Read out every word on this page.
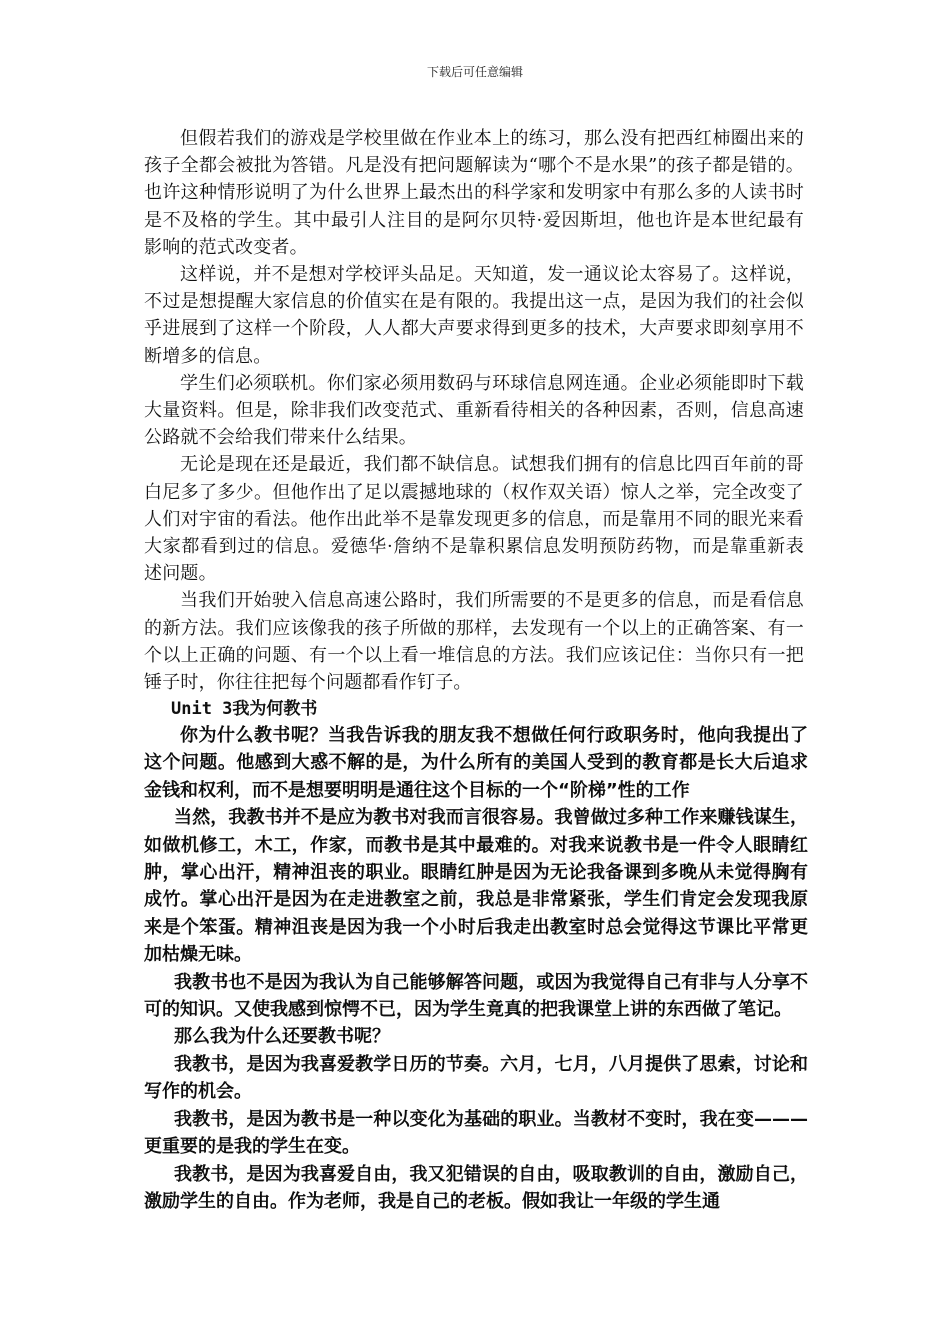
下载后可任意编辑

但假若我们的游戏是学校里做在作业本上的练习，那么没有把西红柿圈出来的孩子全都会被批为答错。凡是没有把问题解读为“哪个不是水果”的孩子都是错的。也许这种情形说明了为什么世界上最杰出的科学家和发明家中有那么多的人读书时是不及格的学生。其中最引人注目的是阿尔贝特·爱因斯坦，他也许是本世纪最有影响的范式改变者。

这样说，并不是想对学校评头品足。天知道，发一通议论太容易了。这样说，不过是想提醒大家信息的价值实在是有限的。我提出这一点，是因为我们的社会似乎进展到了这样一个阶段，人人都大声要求得到更多的技术，大声要求即刻享用不断增多的信息。

学生们必须联机。你们家必须用数码与环球信息网连通。企业必须能即时下载大量资料。但是，除非我们改变范式、重新看待相关的各种因素，否则，信息高速公路就不会给我们带来什么结果。

无论是现在还是最近，我们都不缺信息。试想我们拥有的信息比四百年前的哥白尼多了多少。但他作出了足以震撼地球的（权作双关语）惊人之举，完全改变了人们对宇宙的看法。他作出此举不是靠发现更多的信息，而是靠用不同的眼光来看大家都看到过的信息。爱德华·詹纳不是靠积累信息发明预防药物，而是靠重新表述问题。

当我们开始驶入信息高速公路时，我们所需要的不是更多的信息，而是看信息的新方法。我们应该像我的孩子所做的那样，去发现有一个以上的正确答案、有一个以上正确的问题、有一个以上看一堆信息的方法。我们应该记住：当你只有一把锤子时，你往往把每个问题都看作钉子。

Unit 3我为何教书

你为什么教书呢？当我告诉我的朋友我不想做任何行政职务时，他向我提出了这个问题。他感到大惑不解的是，为什么所有的美国人受到的教育都是长大后追求金钱和权利，而不是想要明明是通往这个目标的一个“阶梯”性的工作

当然，我教书并不是应为教书对我而言很容易。我曾做过多种工作来赚钱谋生，如做机修工，木工，作家，而教书是其中最难的。对我来说教书是一件令人眼睛红肿，掌心出汗，精神沮丧的职业。眼睛红肿是因为无论我备课到多晚从未觉得胸有成竹。掌心出汗是因为在走进教室之前，我总是非常紧张，学生们肯定会发现我原来是个笨蛋。精神沮丧是因为我一个小时后我走出教室时总会觉得这节课比平常更加枯燥无味。

我教书也不是因为我认为自己能够解答问题，或因为我觉得自己有非与人分享不可的知识。又使我感到惊愕不已，因为学生竟真的把我课堂上讲的东西做了笔记。

那么我为什么还要教书呢？

我教书，是因为我喜爱教学日历的节奏。六月，七月，八月提供了思索，讨论和写作的机会。

我教书，是因为教书是一种以变化为基础的职业。当教材不变时，我在变———更重要的是我的学生在变。

我教书，是因为我喜爱自由，我又犯错误的自由，吸取教训的自由，激励自己，激励学生的自由。作为老师，我是自己的老板。假如我让一年级的学生通
